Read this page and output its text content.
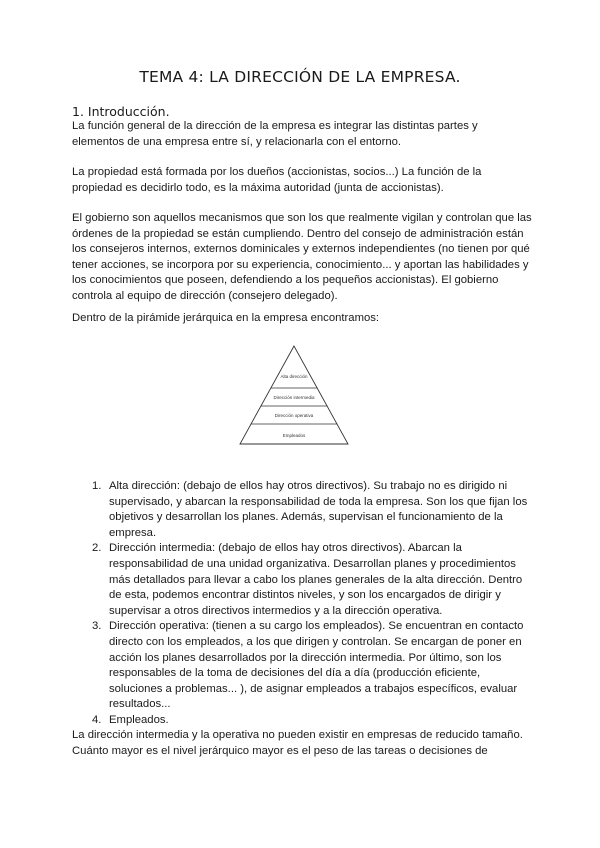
TEMA 4: LA DIRECCIÓN DE LA EMPRESA.
1. Introducción.

La función general de la dirección de la empresa es integrar las distintas partes y elementos de una empresa entre sí, y relacionarla con el entorno.

La propiedad está formada por los dueños (accionistas, socios...) La función de la propiedad es decidirlo todo, es la máxima autoridad (junta de accionistas).

El gobierno son aquellos mecanismos que son los que realmente vigilan y controlan que las órdenes de la propiedad se están cumpliendo. Dentro del consejo de administración están los consejeros internos, externos dominicales y externos independientes (no tienen por qué tener acciones, se incorpora por su experiencia, conocimiento... y aportan las habilidades y los conocimientos que poseen, defendiendo a los pequeños accionistas). El gobierno controla al equipo de dirección (consejero delegado).

Dentro de la pirámide jerárquica en la empresa encontramos:

Alta dirección
Dirección intermedia
Dirección operativa
Empleados
1. Alta dirección: (debajo de ellos hay otros directivos). Su trabajo no es dirigido ni supervisado, y abarcan la responsabilidad de toda la empresa. Son los que fijan los objetivos y desarrollan los planes. Además, supervisan el funcionamiento de la empresa.
2. Dirección intermedia: (debajo de ellos hay otros directivos). Abarcan la responsabilidad de una unidad organizativa. Desarrollan planes y procedimientos más detallados para llevar a cabo los planes generales de la alta dirección. Dentro de esta, podemos encontrar distintos niveles, y son los encargados de dirigir y supervisar a otros directivos intermedios y a la dirección operativa.
3. Dirección operativa: (tienen a su cargo los empleados). Se encuentran en contacto directo con los empleados, a los que dirigen y controlan. Se encargan de poner en acción los planes desarrollados por la dirección intermedia. Por último, son los responsables de la toma de decisiones del día a día (producción eficiente, soluciones a problemas... ), de asignar empleados a trabajos específicos, evaluar resultados...
4. Empleados.

La dirección intermedia y la operativa no pueden existir en empresas de reducido tamaño. Cuánto mayor es el nivel jerárquico mayor es el peso de las tareas o decisiones de
